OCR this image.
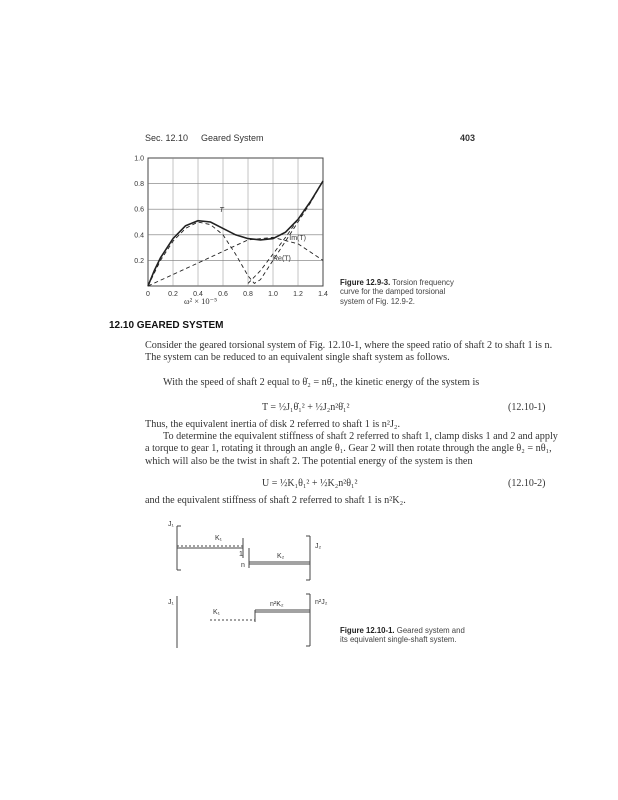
Sec. 12.10 Geared System	403
0.2
0.4
0.6
0.8
1.0
0	0.2 0.4 0.6 0.8 1.0 1.2 1.4
T
Im(T)
Re(T)
ω² × 10⁻⁵
Figure 12.9-3. Torsion frequency curve for the damped torsional system of Fig. 12.9-2.
12.10 GEARED SYSTEM
Consider the geared torsional system of Fig. 12.10-1, where the speed ratio of shaft 2 to shaft 1 is n. The system can be reduced to an equivalent single shaft system as follows.
With the speed of shaft 2 equal to θ̇₂ = nθ̇₁, the kinetic energy of the system is
T = ½J₁θ̇₁² + ½J₂n²θ̇₁²	(12.10-1)
Thus, the equivalent inertia of disk 2 referred to shaft 1 is n²J₂.
To determine the equivalent stiffness of shaft 2 referred to shaft 1, clamp disks 1 and 2 and apply a torque to gear 1, rotating it through an angle θ₁. Gear 2 will then rotate through the angle θ₂ = nθ₁, which will also be the twist in shaft 2. The potential energy of the system is then
U = ½K₁θ₁² + ½K₂n²θ₁²	(12.10-2)
and the equivalent stiffness of shaft 2 referred to shaft 1 is n²K₂.
J₁
K₁
1
n
K₂
J₂
J₁
K₁
n²K₂	n²J₂
Figure 12.10-1. Geared system and its equivalent single-shaft system.
